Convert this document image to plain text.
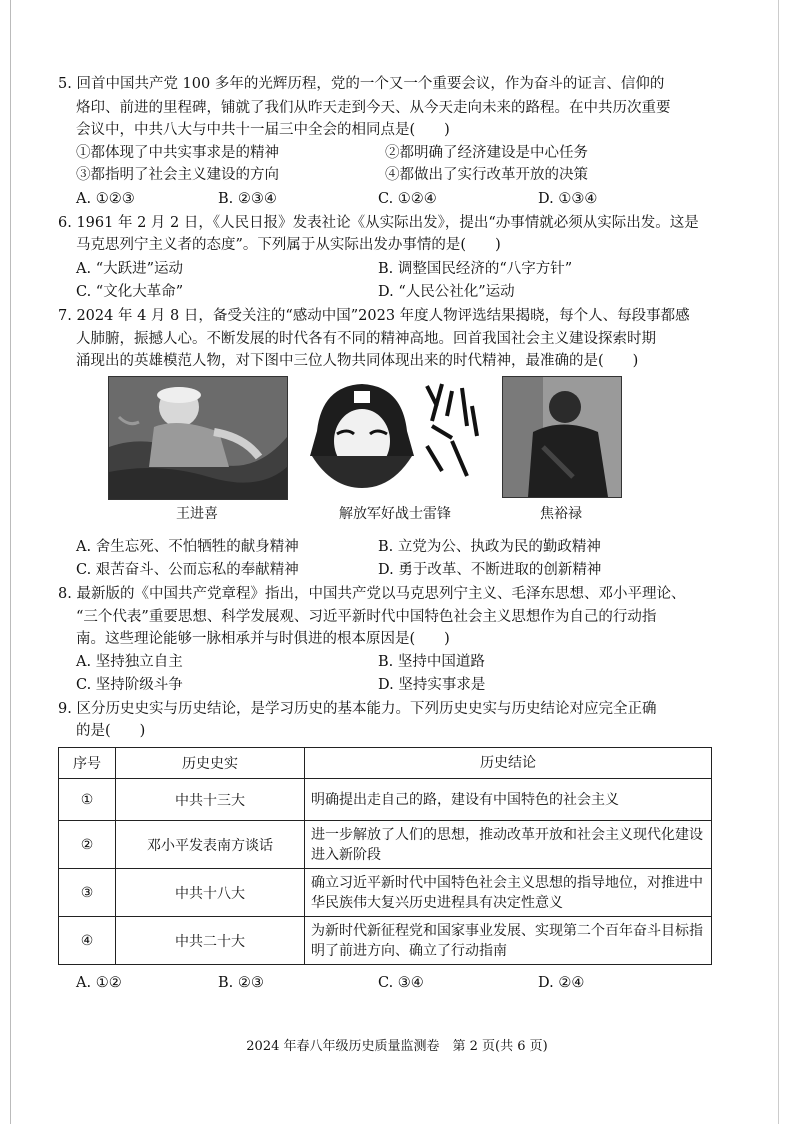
5. 回首中国共产党 100 多年的光辉历程，党的一个又一个重要会议，作为奋斗的证言、信仰的
烙印、前进的里程碑，铺就了我们从昨天走到今天、从今天走向未来的路程。在中共历次重要
会议中，中共八大与中共十一届三中全会的相同点是(　　)
①都体现了中共实事求是的精神	②都明确了经济建设是中心任务
③都指明了社会主义建设的方向	④都做出了实行改革开放的决策
A. ①②③	B. ②③④	C. ①②④	D. ①③④
6. 1961 年 2 月 2 日，《人民日报》发表社论《从实际出发》，提出“办事情就必须从实际出发。这是
马克思列宁主义者的态度”。下列属于从实际出发办事情的是(　　)
A. “大跃进”运动	B. 调整国民经济的“八字方针”
C. “文化大革命”	D. “人民公社化”运动
7. 2024 年 4 月 8 日，备受关注的“感动中国”2023 年度人物评选结果揭晓，每个人、每段事都感
人肺腑，振撼人心。不断发展的时代各有不同的精神高地。回首我国社会主义建设探索时期
涌现出的英雄模范人物，对下图中三位人物共同体现出来的时代精神，最准确的是(　　)
王进喜	解放军好战士雷锋	焦裕禄
A. 舍生忘死、不怕牺牲的献身精神	B. 立党为公、执政为民的勤政精神
C. 艰苦奋斗、公而忘私的奉献精神	D. 勇于改革、不断进取的创新精神
8. 最新版的《中国共产党章程》指出，中国共产党以马克思列宁主义、毛泽东思想、邓小平理论、
“三个代表”重要思想、科学发展观、习近平新时代中国特色社会主义思想作为自己的行动指
南。这些理论能够一脉相承并与时俱进的根本原因是(　　)
A. 坚持独立自主	B. 坚持中国道路
C. 坚持阶级斗争	D. 坚持实事求是
9. 区分历史史实与历史结论，是学习历史的基本能力。下列历史史实与历史结论对应完全正确
的是(　　)
序号	历史史实	历史结论
①	中共十三大	明确提出走自己的路，建设有中国特色的社会主义
②	邓小平发表南方谈话	进一步解放了人们的思想，推动改革开放和社会主义现代化建设进入新阶段
③	中共十八大	确立习近平新时代中国特色社会主义思想的指导地位，对推进中华民族伟大复兴历史进程具有决定性意义
④	中共二十大	为新时代新征程党和国家事业发展、实现第二个百年奋斗目标指明了前进方向、确立了行动指南
A. ①②	B. ②③	C. ③④	D. ②④
2024 年春八年级历史质量监测卷　第 2 页(共 6 页)
